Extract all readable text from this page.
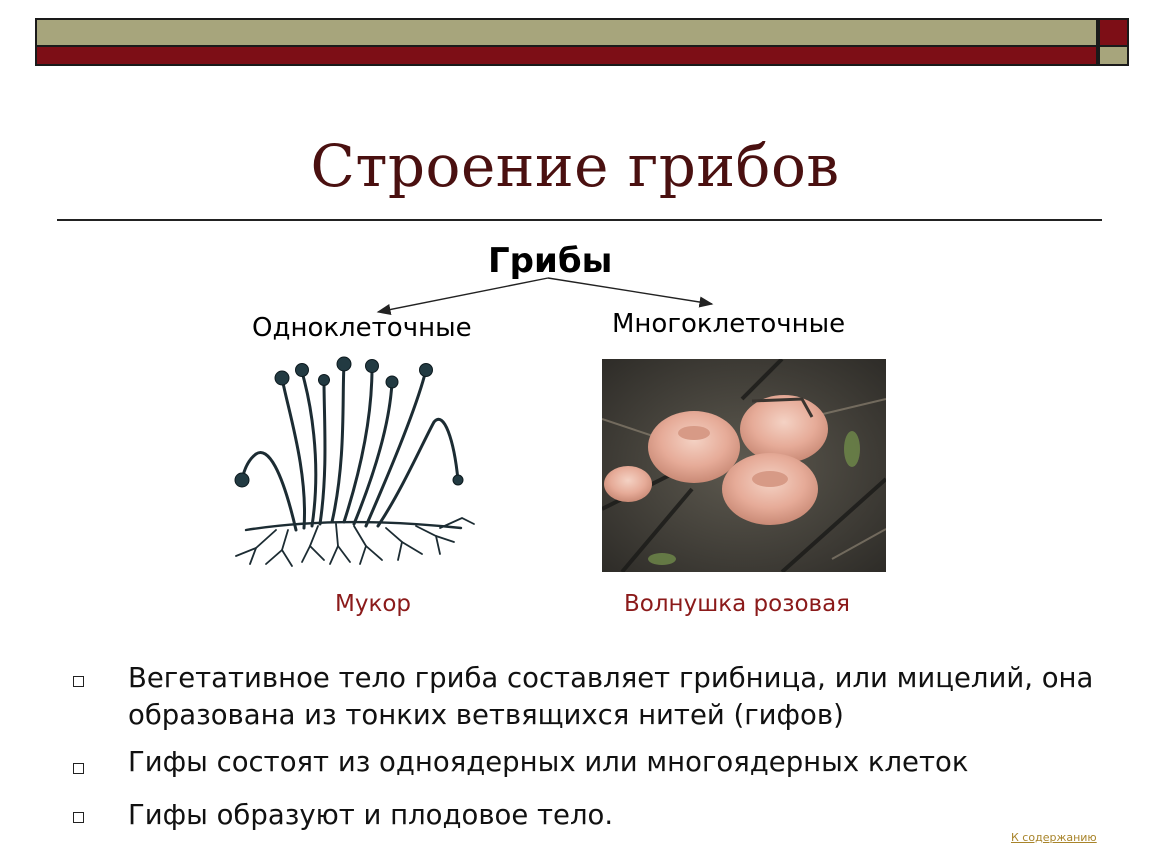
Строение грибов
Грибы
Одноклеточные	Многоклеточные
Мукор	Волнушка розовая
Вегетативное тело гриба составляет грибница, или мицелий, она образована из тонких ветвящихся нитей (гифов)
Гифы состоят из одноядерных или многоядерных клеток
Гифы образуют и плодовое тело.
К содержанию
